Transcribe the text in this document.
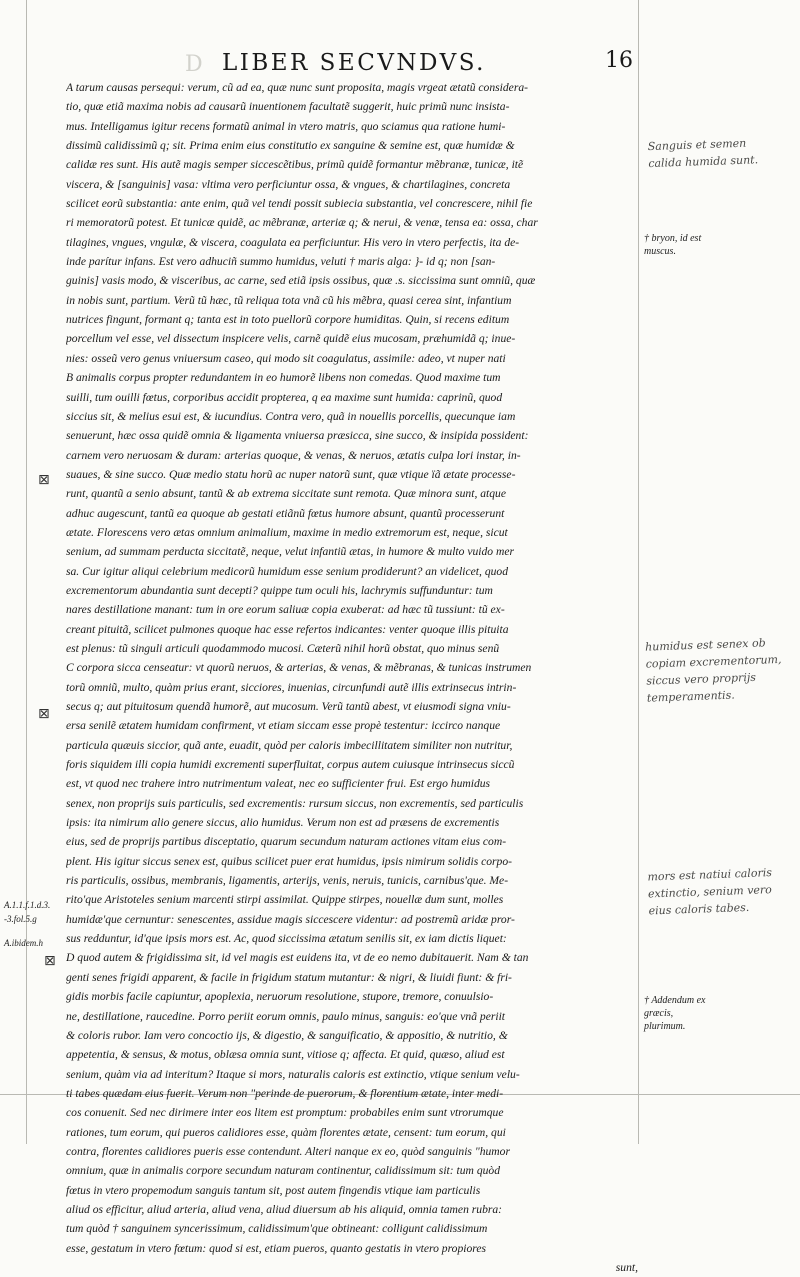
D LIBER SECVNDVS.	16
A tarum causas persequi: verum, cũ ad ea, quæ nunc sunt proposita, magis vrgeat ætatũ considera-
tio, quæ etiã maxima nobis ad causarũ inuentionem facultatẽ suggerit, huic primũ nunc insista-
mus. Intelligamus igitur recens formatũ animal in vtero matris, quo sciamus qua ratione humi-
dissimũ calidissimũ q; sit. Prima enim eius constitutio ex sanguine & semine est, quæ humidæ &
calidæ res sunt. His autẽ magis semper siccescẽtibus, primũ quidẽ formantur mẽbranæ, tunicæ, itẽ
viscera, & [sanguinis] vasa: vltima vero perficiuntur ossa, & vngues, & chartilagines, concreta
scilicet eorũ substantia: ante enim, quã vel tendi possit subiecia substantia, vel concrescere, nihil fie
ri memoratorũ potest. Et tunicæ quidẽ, ac mẽbranæ, arteriæ q; & nerui, & venæ, tensa ea: ossa, char
tilagines, vngues, vngulæ, & viscera, coagulata ea perficiuntur. His vero in vtero perfectis, ita de-
inde parítur infans. Est vero adhuciñ summo humidus, veluti † maris alga: }- id q; non [san-
guinis] vasis modo, & visceribus, ac carne, sed etiã ipsis ossibus, quæ .s. siccissima sunt omniũ, quæ
in nobis sunt, partium. Verũ tũ hæc, tũ reliqua tota vnã cũ his mẽbra, quasi cerea sint, infantium
nutrices fingunt, formant q; tanta est in toto puellorũ corpore humiditas. Quin, si recens editum
porcellum vel esse, vel dissectum inspicere velis, carnẽ quidẽ eius mucosam, præhumidã q; inue-
nies: osseũ vero genus vniuersum caseo, qui modo sit coagulatus, assimile: adeo, vt nuper nati
B animalis corpus propter redundantem in eo humorẽ libens non comedas. Quod maxime tum
suilli, tum ouilli fœtus, corporibus accidit propterea, q ea maxime sunt humida: caprinũ, quod
siccius sit, & melius esui est, & iucundius. Contra vero, quã in nouellis porcellis, quecunque iam
senuerunt, hæc ossa quidẽ omnia & ligamenta vniuersa præsicca, sine succo, & insipida possident:
carnem vero neruosam & duram: arterias quoque, & venas, & neruos, ætatis culpa lori instar, in-
suaues, & sine succo. Quæ medio statu horũ ac nuper natorũ sunt, quæ vtique ïã ætate processe-
runt, quantũ a senio absunt, tantũ & ab extrema siccitate sunt remota. Quæ minora sunt, atque
adhuc augescunt, tantũ ea quoque ab gestati etiãnũ fœtus humore absunt, quantũ processerunt
ætate. Florescens vero ætas omnium animalium, maxime in medio extremorum est, neque, sicut
senium, ad summam perducta siccitatẽ, neque, velut infantiũ ætas, in humore & multo vuido mer
sa. Cur igitur aliqui celebrium medicorũ humidum esse senium prodiderunt? an videlicet, quod
excrementorum abundantia sunt decepti? quippe tum oculi his, lachrymis suffunduntur: tum
nares destillatione manant: tum in ore eorum saliuæ copia exuberat: ad hæc tũ tussiunt: tũ ex-
creant pituitã, scilicet pulmones quoque hac esse refertos indicantes: venter quoque illis pituita
est plenus: tũ singuli articuli quodammodo mucosi. Cæterũ nihil horũ obstat, quo minus senũ
C corpora sicca censeatur: vt quorũ neruos, & arterias, & venas, & mẽbranas, & tunicas instrumen
torũ omniũ, multo, quàm prius erant, sicciores, inuenias, circunfundi autẽ illis extrinsecus intrin-
secus q; aut pituitosum quendã humorẽ, aut mucosum. Verũ tantũ abest, vt eiusmodi signa vniu-
ersa senilẽ ætatem humidam confirment, vt etiam siccam esse propè testentur: iccirco nanque
particula quæuis siccior, quã ante, euadit, quòd per caloris imbecillitatem similiter non nutritur,
foris siquidem illi copia humidi excrementi superfluitat, corpus autem cuiusque intrinsecus siccũ
est, vt quod nec trahere intro nutrimentum valeat, nec eo sufficienter frui. Est ergo humidus
senex, non proprijs suis particulis, sed excrementis: rursum siccus, non excrementis, sed particulis
ipsis: ita nimirum alio genere siccus, alio humidus. Verum non est ad præsens de excrementis
eius, sed de proprijs partibus disceptatio, quarum secundum naturam actiones vitam eius com-
plent. His igitur siccus senex est, quibus scilicet puer erat humidus, ipsis nimirum solidis corpo-
ris particulis, ossibus, membranis, ligamentis, arterijs, venis, neruis, tunicis, carnibus'que. Me-
rito'que Aristoteles senium marcenti stirpi assimilat. Quippe stirpes, nouellæ dum sunt, molles
humidæ'que cernuntur: senescentes, assidue magis siccescere videntur: ad postremũ aridæ pror-
sus redduntur, id'que ipsis mors est. Ac, quod siccissima ætatum senilis sit, ex iam dictis liquet:
D quod autem & frigidissima sit, id vel magis est euidens ita, vt de eo nemo dubitauerit. Nam & tan
genti senes frigidi apparent, & facile in frigidum statum mutantur: & nigri, & liuidi fiunt: & fri-
gidis morbis facile capiuntur, apoplexia, neruorum resolutione, stupore, tremore, conuulsio-
ne, destillatione, raucedine. Porro periit eorum omnis, paulo minus, sanguis: eo'que vnã periit
& coloris rubor. Iam vero concoctio ijs, & digestio, & sanguificatio, & appositio, & nutritio, &
appetentia, & sensus, & motus, oblæsa omnia sunt, vitiose q; affecta. Et quid, quæso, aliud est
senium, quàm via ad interitum? Itaque si mors, naturalis caloris est extinctio, vtique senium velu-
ti tabes quædam eius fuerit. Verum non "perinde de puerorum, & florentium ætate, inter medi-
cos conuenit. Sed nec dirimere inter eos litem est promptum: probabiles enim sunt vtrorumque
rationes, tum eorum, qui pueros calidiores esse, quàm florentes ætate, censent: tum eorum, qui
contra, florentes calidiores pueris esse contendunt. Alteri nanque ex eo, quòd sanguinis "humor
omnium, quæ in animalis corpore secundum naturam continentur, calidissimum sit: tum quòd
fœtus in vtero propemodum sanguis tantum sit, post autem fingendis vtique iam particulis
aliud os efficitur, aliud arteria, aliud vena, aliud diuersum ab his aliquid, omnia tamen rubra:
tum quòd † sanguinem syncerissimum, calidissimum'que obtineant: colligunt calidissimum
esse, gestatum in vtero fœtum: quod si est, etiam pueros, quanto gestatis in vtero propiores
sunt,
† bryon, id est muscus.
† Addendum ex græcis, plurimum.
A.1.1.f.1.d.3.
-3.fol.5.g
A.ibidem.h
Sanguis et semen calida humida sunt.
humidus est senex ob copiam excrementorum, siccus vero proprijs temperamentis.
mors est natiui caloris extinctio, senium vero eius caloris tabes.
⊠
⊠
⊠
